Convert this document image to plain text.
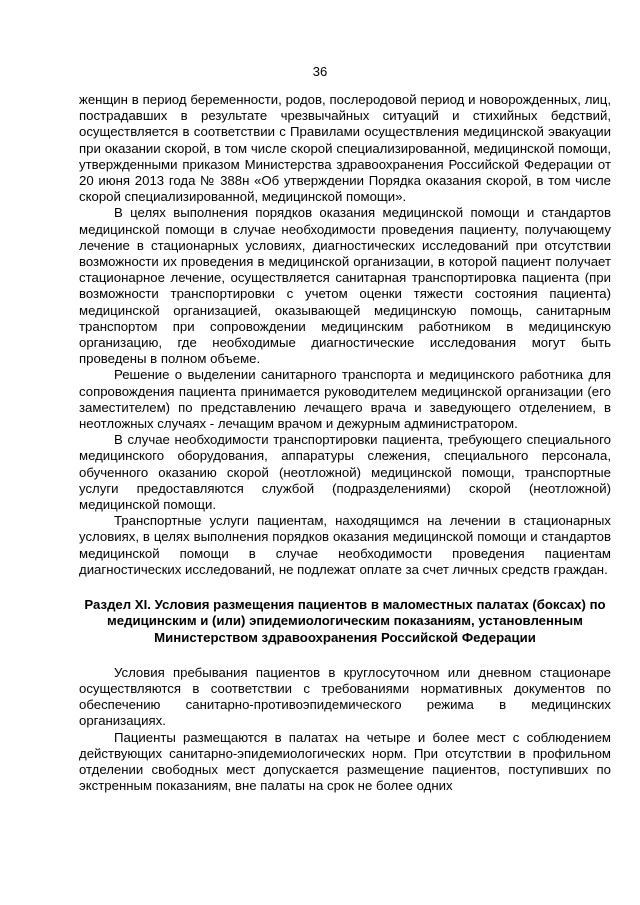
36

женщин в период беременности, родов, послеродовой период и новорожденных, лиц, пострадавших в результате чрезвычайных ситуаций и стихийных бедствий, осуществляется в соответствии с Правилами осуществления медицинской эвакуации при оказании скорой, в том числе скорой специализированной, медицинской помощи, утвержденными приказом Министерства здравоохранения Российской Федерации от 20 июня 2013 года № 388н «Об утверждении Порядка оказания скорой, в том числе скорой специализированной, медицинской помощи».

В целях выполнения порядков оказания медицинской помощи и стандартов медицинской помощи в случае необходимости проведения пациенту, получающему лечение в стационарных условиях, диагностических исследований при отсутствии возможности их проведения в медицинской организации, в которой пациент получает стационарное лечение, осуществляется санитарная транспортировка пациента (при возможности транспортировки с учетом оценки тяжести состояния пациента) медицинской организацией, оказывающей медицинскую помощь, санитарным транспортом при сопровождении медицинским работником в медицинскую организацию, где необходимые диагностические исследования могут быть проведены в полном объеме.

Решение о выделении санитарного транспорта и медицинского работника для сопровождения пациента принимается руководителем медицинской организации (его заместителем) по представлению лечащего врача и заведующего отделением, в неотложных случаях - лечащим врачом и дежурным администратором.

В случае необходимости транспортировки пациента, требующего специального медицинского оборудования, аппаратуры слежения, специального персонала, обученного оказанию скорой (неотложной) медицинской помощи, транспортные услуги предоставляются службой (подразделениями) скорой (неотложной) медицинской помощи.

Транспортные услуги пациентам, находящимся на лечении в стационарных условиях, в целях выполнения порядков оказания медицинской помощи и стандартов медицинской помощи в случае необходимости проведения пациентам диагностических исследований, не подлежат оплате за счет личных средств граждан.

Раздел XI. Условия размещения пациентов в маломестных палатах (боксах) по медицинским и (или) эпидемиологическим показаниям, установленным Министерством здравоохранения Российской Федерации

Условия пребывания пациентов в круглосуточном или дневном стационаре осуществляются в соответствии с требованиями нормативных документов по обеспечению санитарно-противоэпидемического режима в медицинских организациях.

Пациенты размещаются в палатах на четыре и более мест с соблюдением действующих санитарно-эпидемиологических норм. При отсутствии в профильном отделении свободных мест допускается размещение пациентов, поступивших по экстренным показаниям, вне палаты на срок не более одних
